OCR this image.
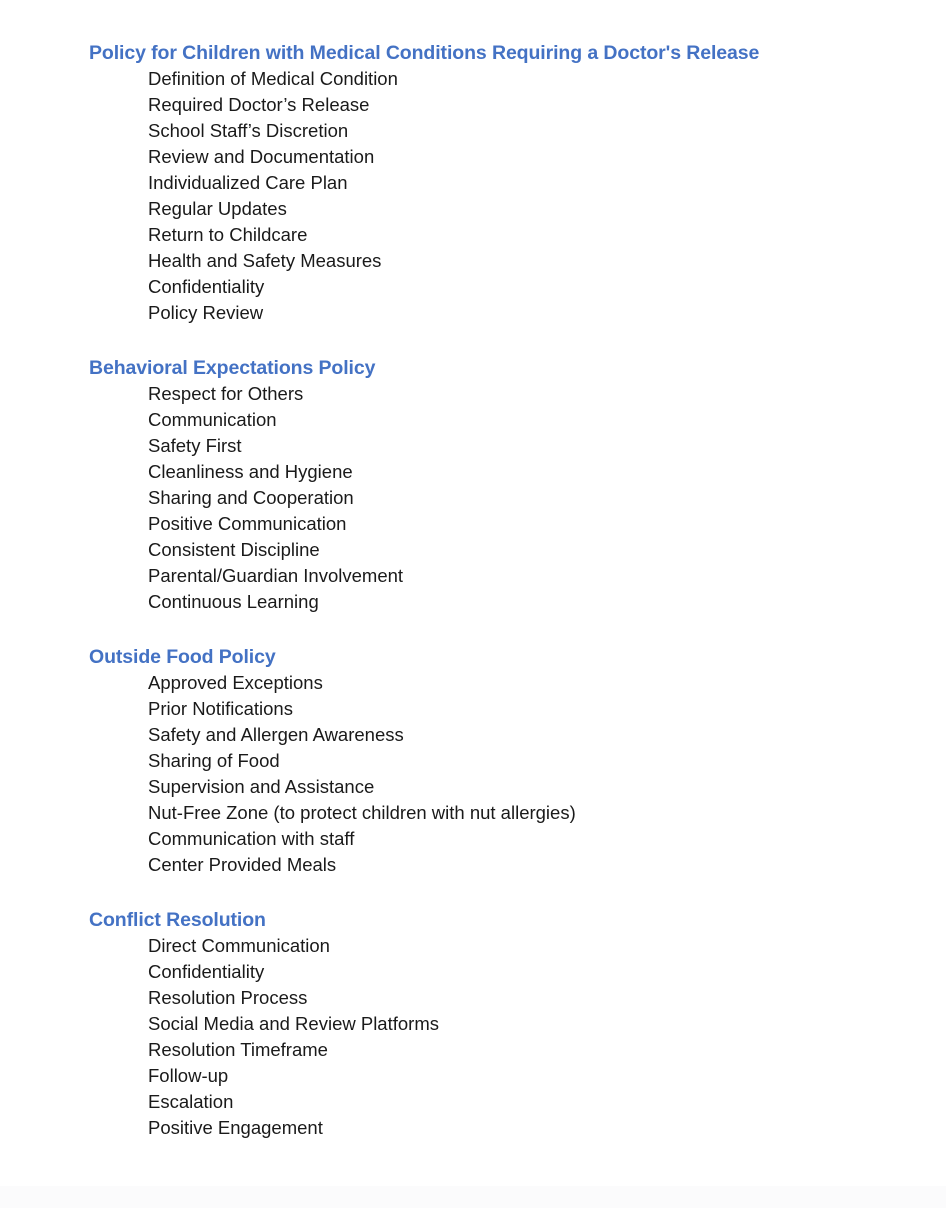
Policy for Children with Medical Conditions Requiring a Doctor's Release
Definition of Medical Condition
Required Doctor’s Release
School Staff’s Discretion
Review and Documentation
Individualized Care Plan
Regular Updates
Return to Childcare
Health and Safety Measures
Confidentiality
Policy Review
Behavioral Expectations Policy
Respect for Others
Communication
Safety First
Cleanliness and Hygiene
Sharing and Cooperation
Positive Communication
Consistent Discipline
Parental/Guardian Involvement
Continuous Learning
Outside Food Policy
Approved Exceptions
Prior Notifications
Safety and Allergen Awareness
Sharing of Food
Supervision and Assistance
Nut-Free Zone (to protect children with nut allergies)
Communication with staff
Center Provided Meals
Conflict Resolution
Direct Communication
Confidentiality
Resolution Process
Social Media and Review Platforms
Resolution Timeframe
Follow-up
Escalation
Positive Engagement
